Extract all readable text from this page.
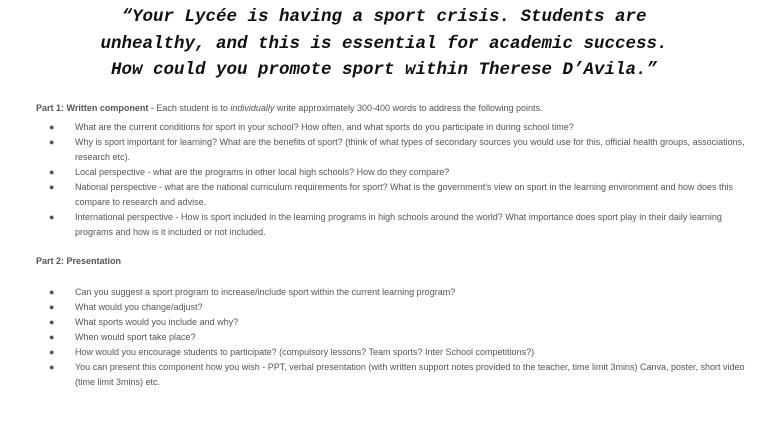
“Your Lycée is having a sport crisis. Students are
unhealthy, and this is essential for academic success.
How could you promote sport within Therese D’Avila.”

Part 1: Written component - Each student is to individually write approximately 300-400 words to address the following points.

● What are the current conditions for sport in your school? How often, and what sports do you participate in during school time?
● Why is sport important for learning? What are the benefits of sport? (think of what types of secondary sources you would use for this, official health groups, associations, research etc).
● Local perspective - what are the programs in other local high schools? How do they compare?
● National perspective - what are the national curriculum requirements for sport? What is the government's view on sport in the learning environment and how does this compare to research and advise.
● International perspective - How is sport included in the learning programs in high schools around the world? What importance does sport play in their daily learning programs and how is it included or not included.

Part 2: Presentation

● Can you suggest a sport program to increase/include sport within the current learning program?
● What would you change/adjust?
● What sports would you include and why?
● When would sport take place?
● How would you encourage students to participate? (compulsory lessons? Team sports? Inter School competitions?)
● You can present this component how you wish - PPT, verbal presentation (with written support notes provided to the teacher, time limit 3mins) Canva, poster, short video (time limit 3mins) etc.
